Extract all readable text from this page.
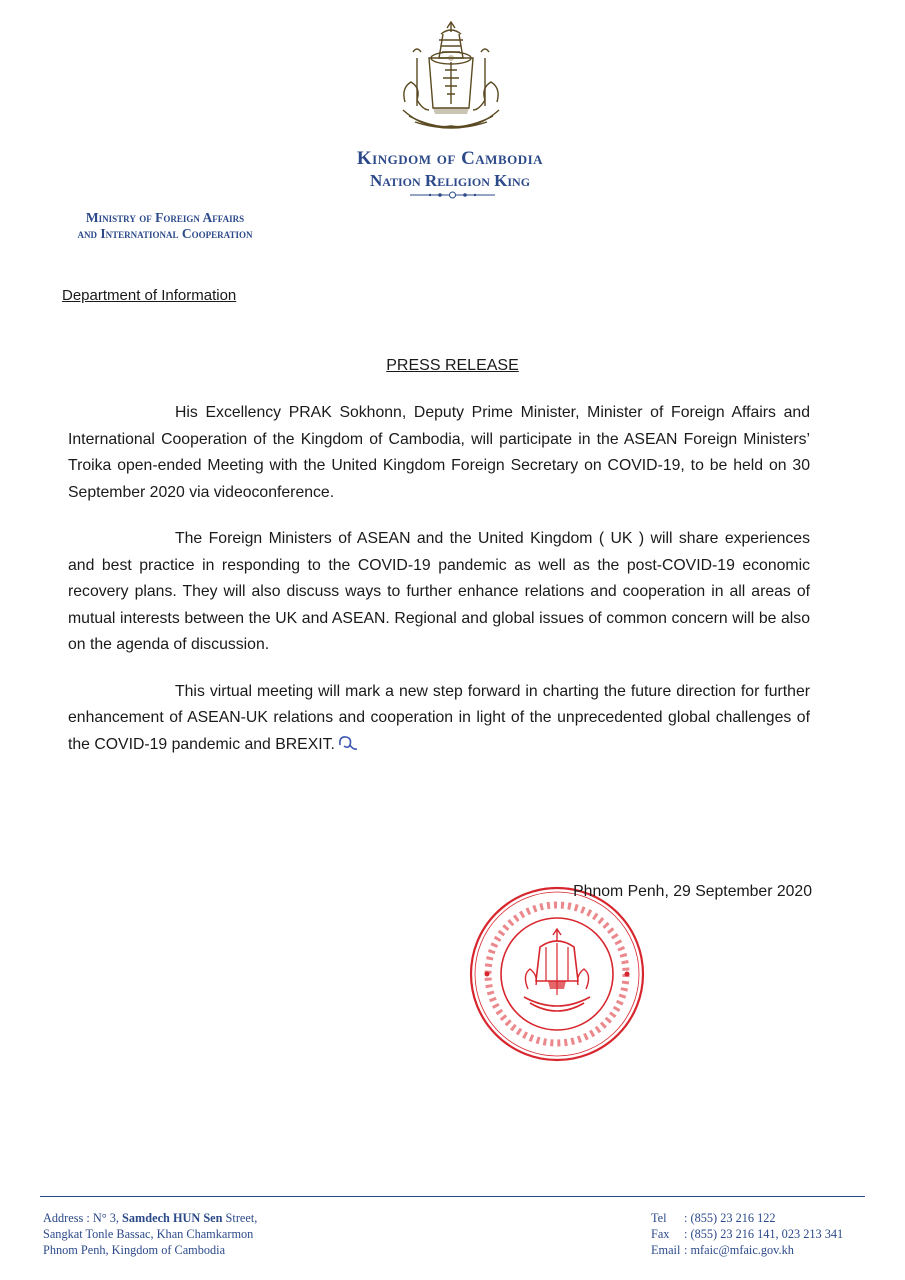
Kingdom of Cambodia
Nation Religion King
Ministry of Foreign Affairs
and International Cooperation
Department of Information
PRESS RELEASE

His Excellency PRAK Sokhonn, Deputy Prime Minister, Minister of Foreign Affairs and International Cooperation of the Kingdom of Cambodia, will participate in the ASEAN Foreign Ministers’ Troika open-ended Meeting with the United Kingdom Foreign Secretary on COVID-19, to be held on 30 September 2020 via videoconference.

The Foreign Ministers of ASEAN and the United Kingdom ( UK ) will share experiences and best practice in responding to the COVID-19 pandemic as well as the post-COVID-19 economic recovery plans. They will also discuss ways to further enhance relations and cooperation in all areas of mutual interests between the UK and ASEAN. Regional and global issues of common concern will be also on the agenda of discussion.

This virtual meeting will mark a new step forward in charting the future direction for further enhancement of ASEAN-UK relations and cooperation in light of the unprecedented global challenges of the COVID-19 pandemic and BREXIT.

Phnom Penh, 29 September 2020
Address : N° 3, Samdech HUN Sen Street,
Sangkat Tonle Bassac, Khan Chamkarmon
Phnom Penh, Kingdom of Cambodia
Tel : (855) 23 216 122
Fax : (855) 23 216 141, 023 213 341
Email : mfaic@mfaic.gov.kh
